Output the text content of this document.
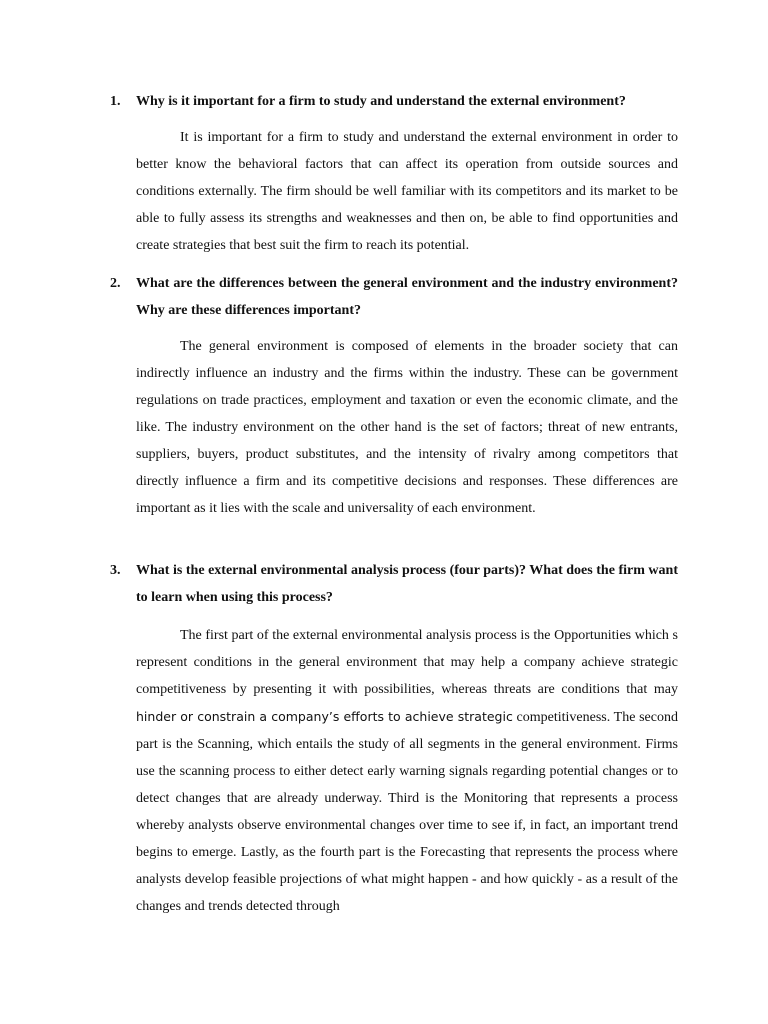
1.	Why is it important for a firm to study and understand the external environment?
It is important for a firm to study and understand the external environment in order to better know the behavioral factors that can affect its operation from outside sources and conditions externally. The firm should be well familiar with its competitors and its market to be able to fully assess its strengths and weaknesses and then on, be able to find opportunities and create strategies that best suit the firm to reach its potential.
2.	What are the differences between the general environment and the industry environment? Why are these differences important?
The general environment is composed of elements in the broader society that can indirectly influence an industry and the firms within the industry. These can be government regulations on trade practices, employment and taxation or even the economic climate, and the like. The industry environment on the other hand is the set of factors; threat of new entrants, suppliers, buyers, product substitutes, and the intensity of rivalry among competitors that directly influence a firm and its competitive decisions and responses. These differences are important as it lies with the scale and universality of each environment.
3.	What is the external environmental analysis process (four parts)? What does the firm want to learn when using this process?
The first part of the external environmental analysis process is the Opportunities which s represent conditions in the general environment that may help a company achieve strategic competitiveness by presenting it with possibilities, whereas threats are conditions that may hinder or constrain a company’s efforts to achieve strategic competitiveness. The second part is the Scanning, which entails the study of all segments in the general environment. Firms use the scanning process to either detect early warning signals regarding potential changes or to detect changes that are already underway. Third is the Monitoring that represents a process whereby analysts observe environmental changes over time to see if, in fact, an important trend begins to emerge. Lastly, as the fourth part is the Forecasting that represents the process where analysts develop feasible projections of what might happen - and how quickly - as a result of the changes and trends detected through
